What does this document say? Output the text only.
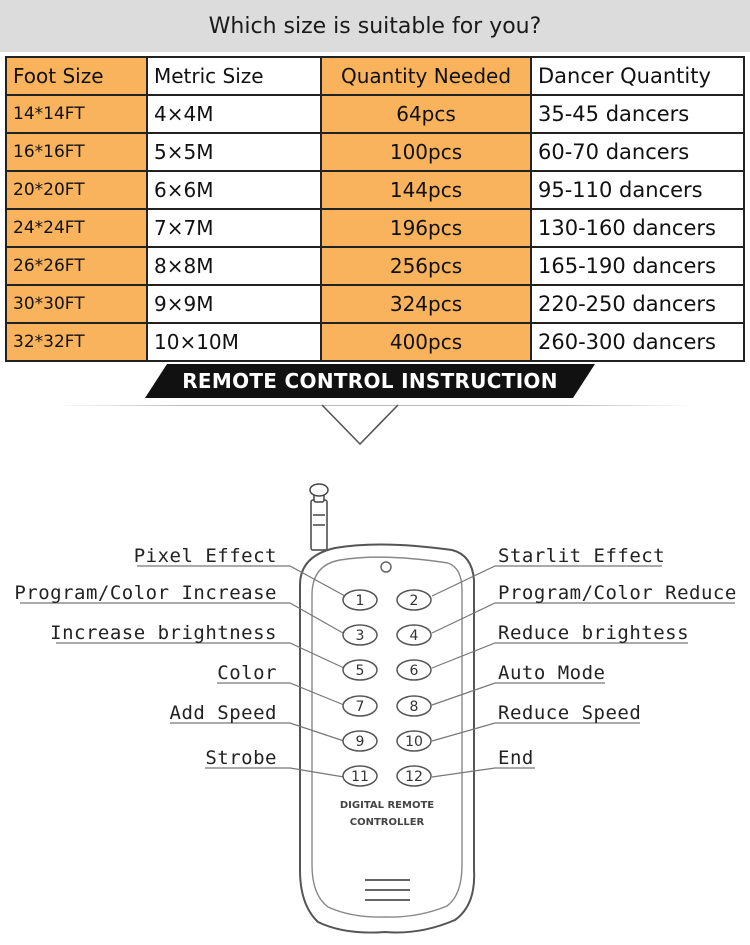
Which size is suitable for you?
Foot Size	Metric Size	Quantity Needed	Dancer Quantity
14*14FT	4×4M	64pcs	35-45 dancers
16*16FT	5×5M	100pcs	60-70 dancers
20*20FT	6×6M	144pcs	95-110 dancers
24*24FT	7×7M	196pcs	130-160 dancers
26*26FT	8×8M	256pcs	165-190 dancers
30*30FT	9×9M	324pcs	220-250 dancers
32*32FT	10×10M	400pcs	260-300 dancers
REMOTE CONTROL INSTRUCTION
1	2
3	4
5	6
7	8
9	10
11	12
DIGITAL REMOTE
CONTROLLER
Pixel Effect
Program/Color Increase
Increase brightness
Color
Add Speed
Strobe
Starlit Effect
Program/Color Reduce
Reduce brightess
Auto Mode
Reduce Speed
End
